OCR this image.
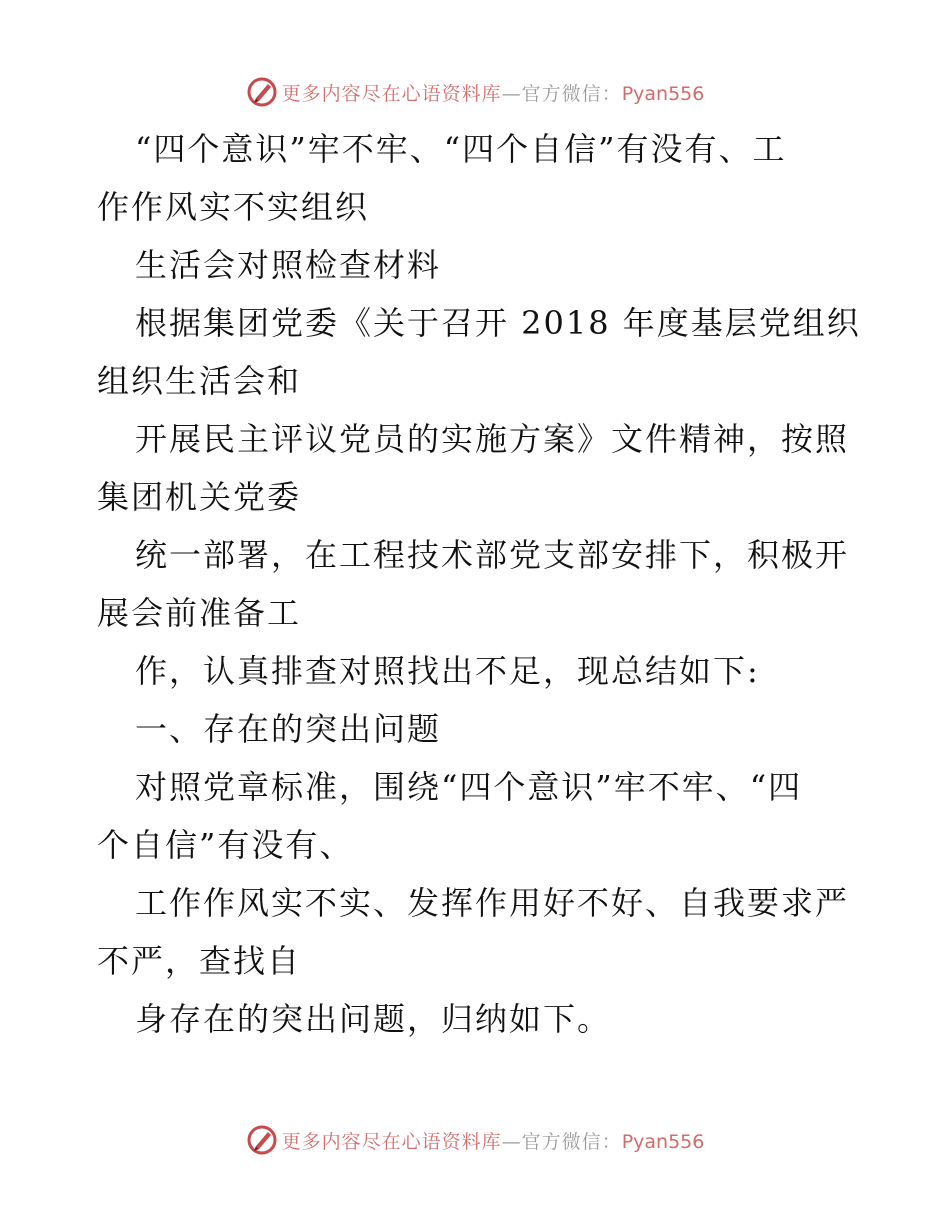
更多内容尽在心语资料库—官方微信：Pyan556
“四个意识”牢不牢、“四个自信”有没有、工
作作风实不实组织
生活会对照检查材料
根据集团党委《关于召开 2018 年度基层党组织
组织生活会和
开展民主评议党员的实施方案》文件精神，按照
集团机关党委
统一部署，在工程技术部党支部安排下，积极开
展会前准备工
作，认真排查对照找出不足，现总结如下:
一、存在的突出问题
对照党章标准，围绕“四个意识”牢不牢、“四
个自信”有没有、
工作作风实不实、发挥作用好不好、自我要求严
不严，查找自
身存在的突出问题，归纳如下。
更多内容尽在心语资料库—官方微信：Pyan556
